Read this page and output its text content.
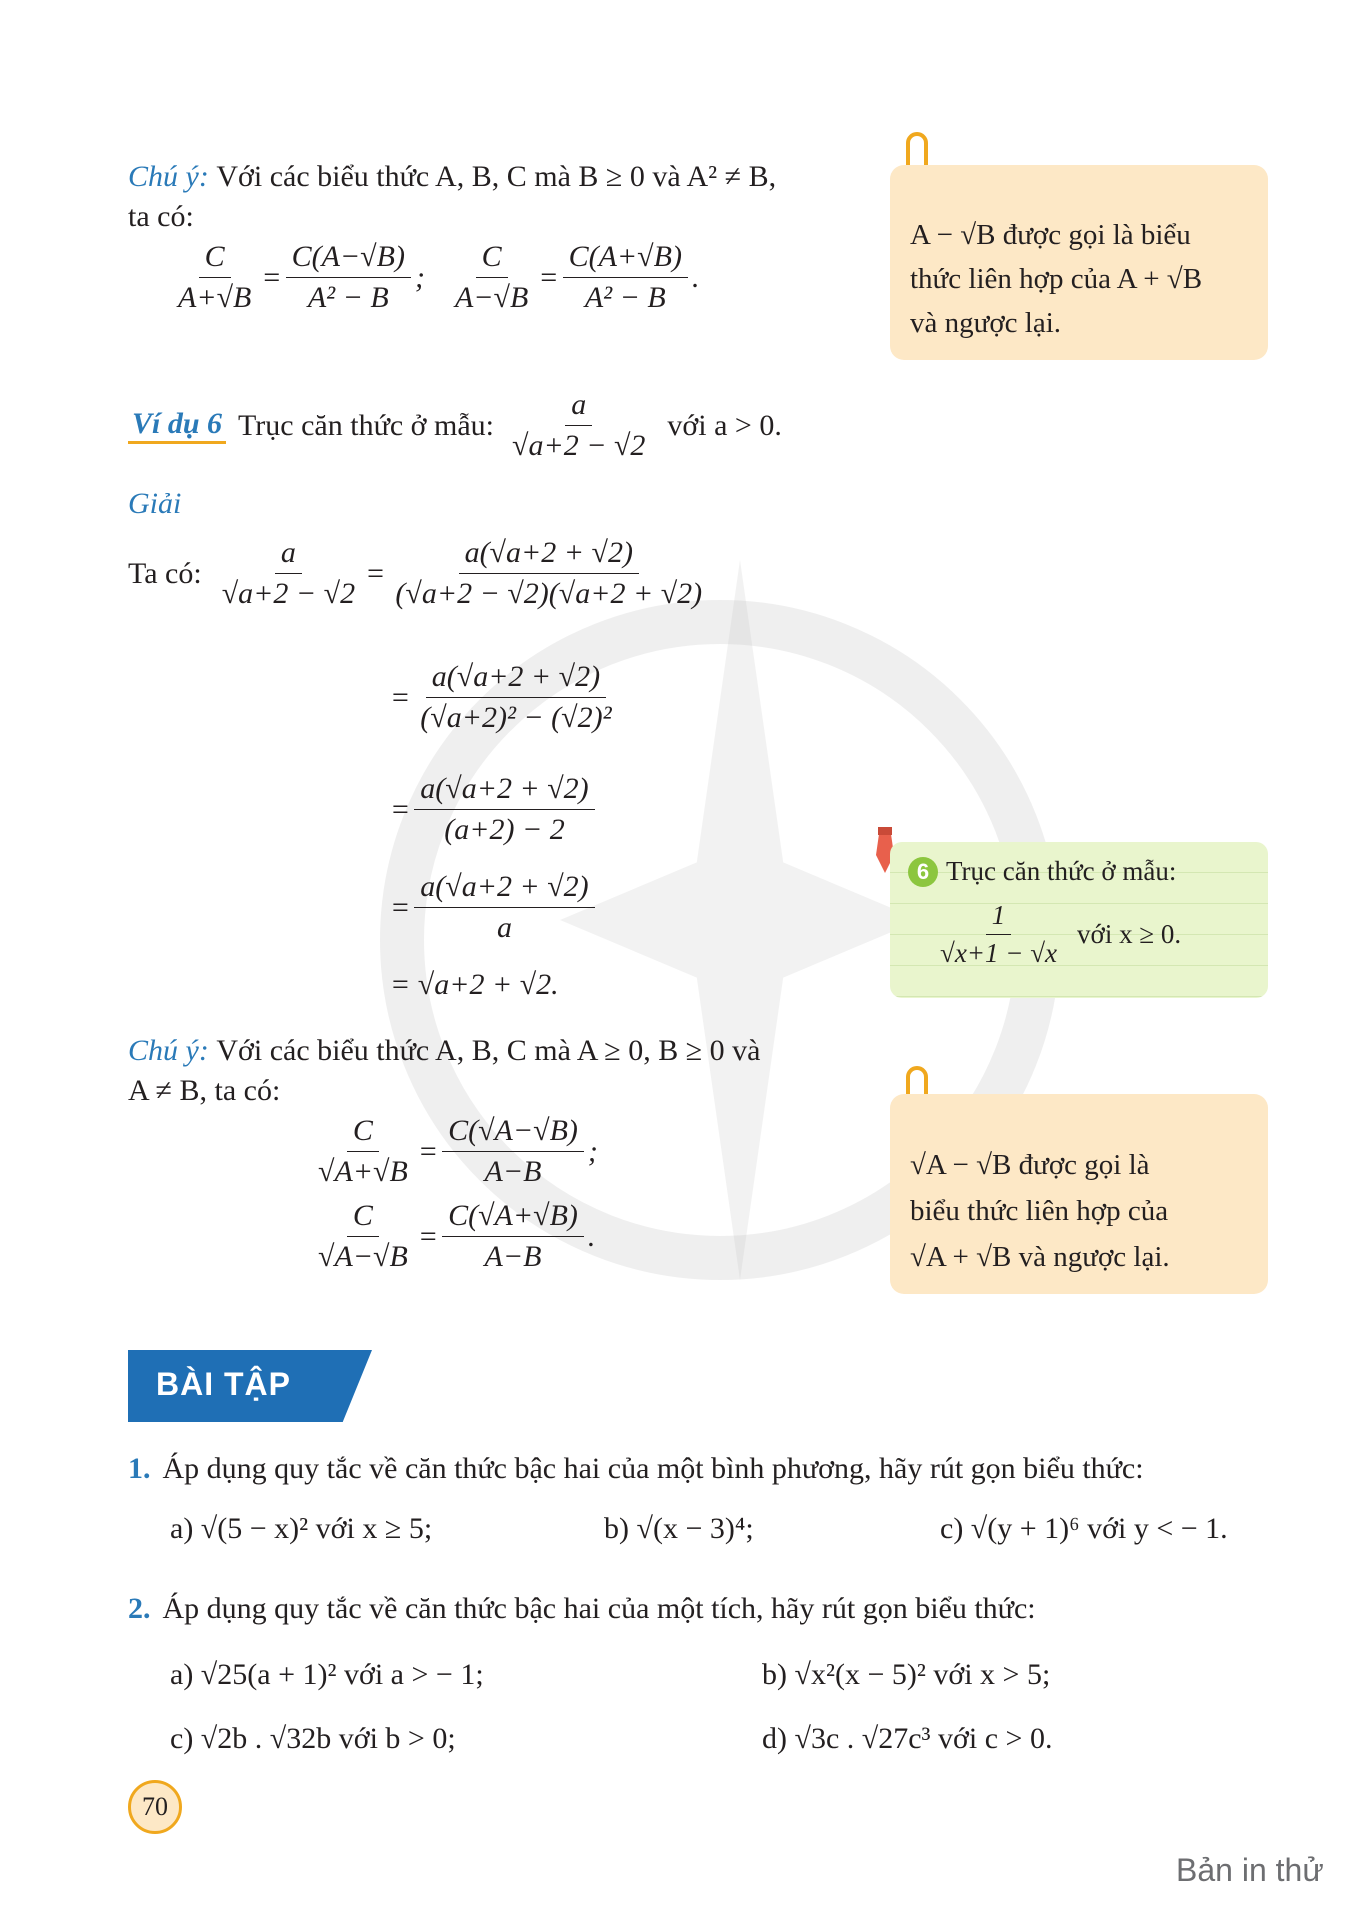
Chú ý:
Với các biểu thức A, B, C mà B ≥ 0 và A² ≠ B,
ta có:
$\frac{C}{A+√B} = \frac{C(A-√B)}{\text{A² − B}}$ ; $\frac{C}{A-√B} = \frac{C(A+√B)}{\text{A² − B}}$ .
A − √B được gọi là biểu
thức liên hợp của A + √B
và ngược lại.
Ví dụ 6 Trục căn thức ở mẫu: $\frac{a}{√a+2 - √2}$ với a > 0.
Giải
Ta có: $\frac{a}{√a+2 - √2} = \frac{a(√a+2 + √2)}{(√a+2 - √2)(√a+2 + √2)}$
= $\frac{a(√a+2 + √2)}{\text{(√a+2)² − (√2)²}}$
= $\frac{a(√a+2 + √2)}{(a+2) - 2}$
= $\frac{a(√a+2 + √2)}{a}$
= √a+2 + √2.
6 Trục căn thức ở mẫu:
$\frac{1}{√x+1 - √x}$ với x ≥ 0.
Chú ý:
Với các biểu thức A, B, C mà A ≥ 0, B ≥ 0 và
A ≠ B, ta có:
$\frac{C}{√A+√B} = \frac{C(√A-√B)}{A-B}$ ;
$\frac{C}{√A-√B} = \frac{C(√A+√B)}{A-B}$ .
√A − √B được gọi là
biểu thức liên hợp của
√A + √B và ngược lại.
BÀI TẬP
1. Áp dụng quy tắc về căn thức bậc hai của một bình phương, hãy rút gọn biểu thức:
a) √(5 − x)² với x ≥ 5;	b) √(x − 3)⁴;	c) √(y + 1)⁶ với y < − 1.
2. Áp dụng quy tắc về căn thức bậc hai của một tích, hãy rút gọn biểu thức:
a) √25(a + 1)² với a > − 1;	b) √x²(x − 5)² với x > 5;
c) √2b . √32b với b > 0;	d) √3c . √27c³ với c > 0.
70
Bản in thử
